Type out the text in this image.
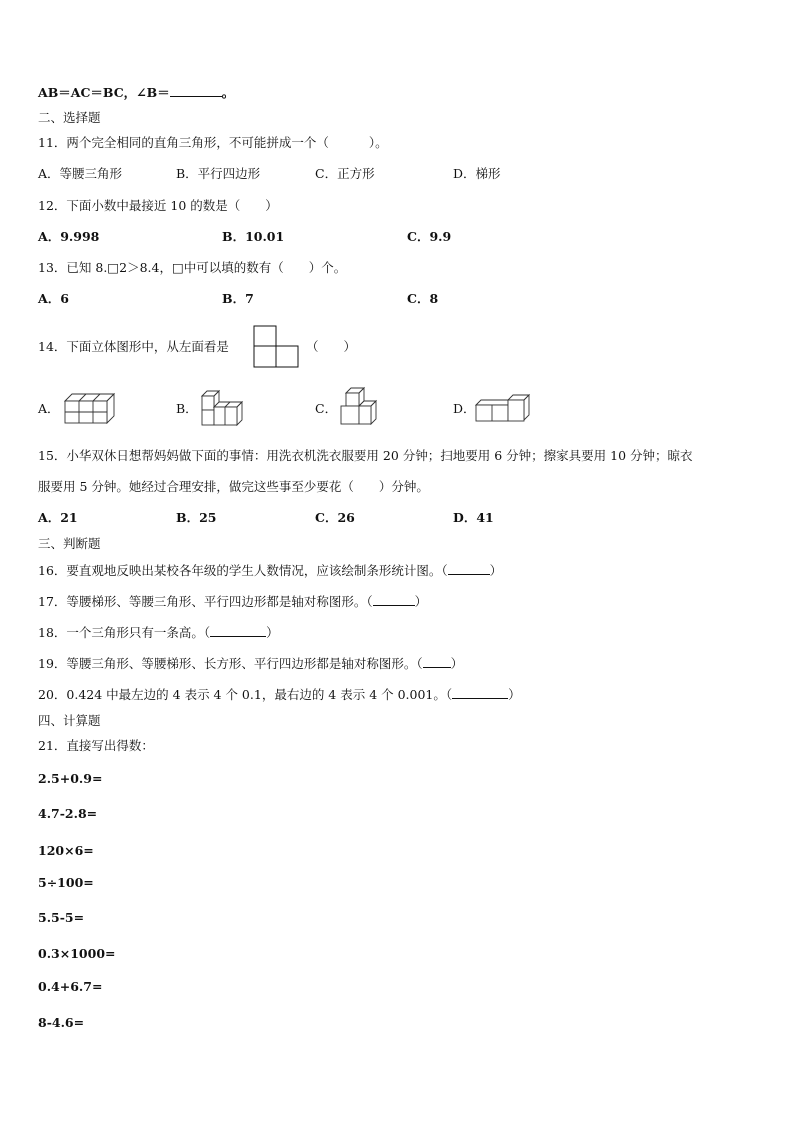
AB＝AC＝BC，∠B＝	。
二、选择题
11．两个完全相同的直角三角形，不可能拼成一个（	）。
A．等腰三角形	B．平行四边形	C．正方形	D．梯形
12．下面小数中最接近 10 的数是（　　）
A．9.998	B．10.01	C．9.9
13．已知 8.□2＞8.4，□中可以填的数有（　　）个。
A．6	B．7	C．8
14．下面立体图形中，从左面看是	（　　）
A．	B．	C．	D．
15．小华双休日想帮妈妈做下面的事情：用洗衣机洗衣服要用 20 分钟；扫地要用 6 分钟；擦家具要用 10 分钟；晾衣
服要用 5 分钟。她经过合理安排，做完这些事至少要花（　　）分钟。
A．21	B．25	C．26	D．41
三、判断题
16．要直观地反映出某校各年级的学生人数情况，应该绘制条形统计图。（	）
17．等腰梯形、等腰三角形、平行四边形都是轴对称图形。（	）
18．一个三角形只有一条高。（	）
19．等腰三角形、等腰梯形、长方形、平行四边形都是轴对称图形。（ ）
20．0.424 中最左边的 4 表示 4 个 0.1，最右边的 4 表示 4 个 0.001。（	）
四、计算题
21．直接写出得数：
2.5+0.9=
4.7-2.8=
120×6=
5÷100=
5.5-5=
0.3×1000=
0.4+6.7=
8-4.6=
